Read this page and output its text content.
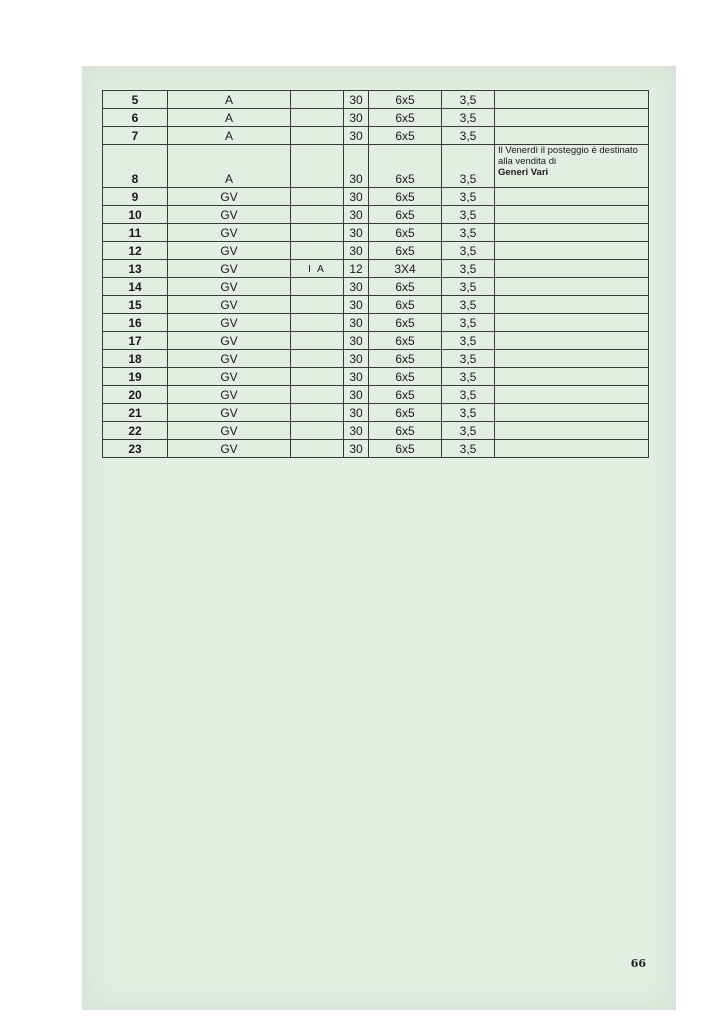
5	A		30	6x5	3,5	
6	A		30	6x5	3,5	
7	A		30	6x5	3,5	
8	A		30	6x5	3,5	Il Venerdì il posteggio è destinato alla vendita di
Generi Vari

9	GV		30	6x5	3,5	
10	GV		30	6x5	3,5	
11	GV		30	6x5	3,5	
12	GV		30	6x5	3,5	
13	GV	I A	12	3X4	3,5	
14	GV		30	6x5	3,5	
15	GV		30	6x5	3,5	
16	GV		30	6x5	3,5	
17	GV		30	6x5	3,5	
18	GV		30	6x5	3,5	
19	GV		30	6x5	3,5	
20	GV		30	6x5	3,5	
21	GV		30	6x5	3,5	
22	GV		30	6x5	3,5	
23	GV		30	6x5	3,5	
66
